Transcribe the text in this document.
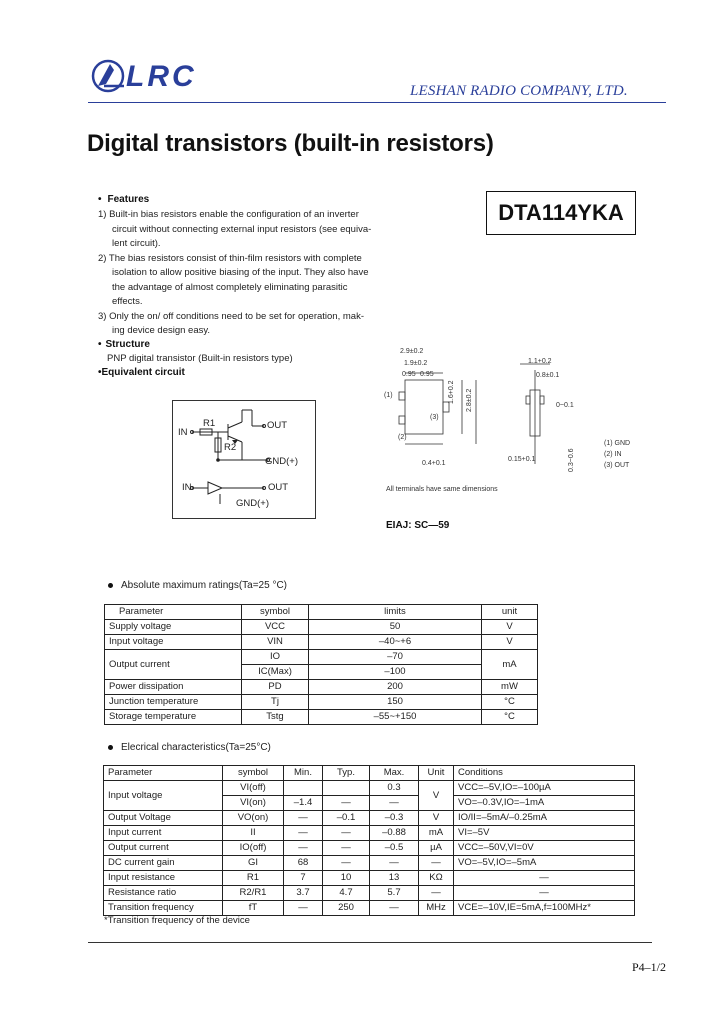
LRC	LESHAN RADIO COMPANY, LTD.
Digital transistors (built-in resistors)
DTA114YKA
• Features
1) Built-in bias resistors enable the configuration of an inverter
circuit without connecting external input resistors (see equiva-
lent circuit).
2) The bias resistors consist of thin-film resistors with complete
isolation to allow positive biasing of the input. They also have
the advantage of almost completely eliminating parasitic
effects.
3) Only the on/ off conditions need to be set for operation, mak-
ing device design easy.
• Structure
PNP digital transistor (Built-in resistors type)
•Equivalent circuit
IN
R1
R2
OUT
GND(+)
IN	OUT
GND(+)
2.9±0.2
1.9±0.2
0.95 0.95
1.1+0.2
0.8±0.1
1.6+0.2 2.8±0.2	0~0.1
0.4+0.1
0.15+0.1	0.3~0.6
(1)
(2)
(3)
(1) GND
(2) IN
(3) OUT
All terminals have same dimensions
EIAJ: SC—59
Absolute maximum ratings(Ta=25 °C)
Parameter	symbol	limits	unit
Supply voltage	VCC	50	V
Input voltage	VIN	–40~+6	V
Output current	IO	–70	mA
	IC(Max)	–100	
Power dissipation	PD	200	mW
Junction temperature	Tj	150	°C
Storage temperature	Tstg	–55~+150	°C
Elecrical characteristics(Ta=25°C)
Parameter	symbol	Min.	Typ.	Max.	Unit	Conditions
Input voltage	VI(off)			0.3	V	VCC=–5V,IO=–100µA
	VI(on)	–1.4	—	—		VO=–0.3V,IO=–1mA
Output Voltage	VO(on)	—	–0.1	–0.3	V	IO/II=–5mA/–0.25mA
Input current	II	—	—	–0.88	mA	VI=–5V
Output current	IO(off)	—	—	–0.5	µA	VCC=–50V,VI=0V
DC current gain	GI	68	—	—	—	VO=–5V,IO=–5mA
Input resistance	R1	7	10	13	KΩ	—
Resistance ratio	R2/R1	3.7	4.7	5.7	—	—
Transition frequency	fT	—	250	—	MHz	VCE=–10V,IE=5mA,f=100MHz*
*Transition frequency of the device
P4–1/2
